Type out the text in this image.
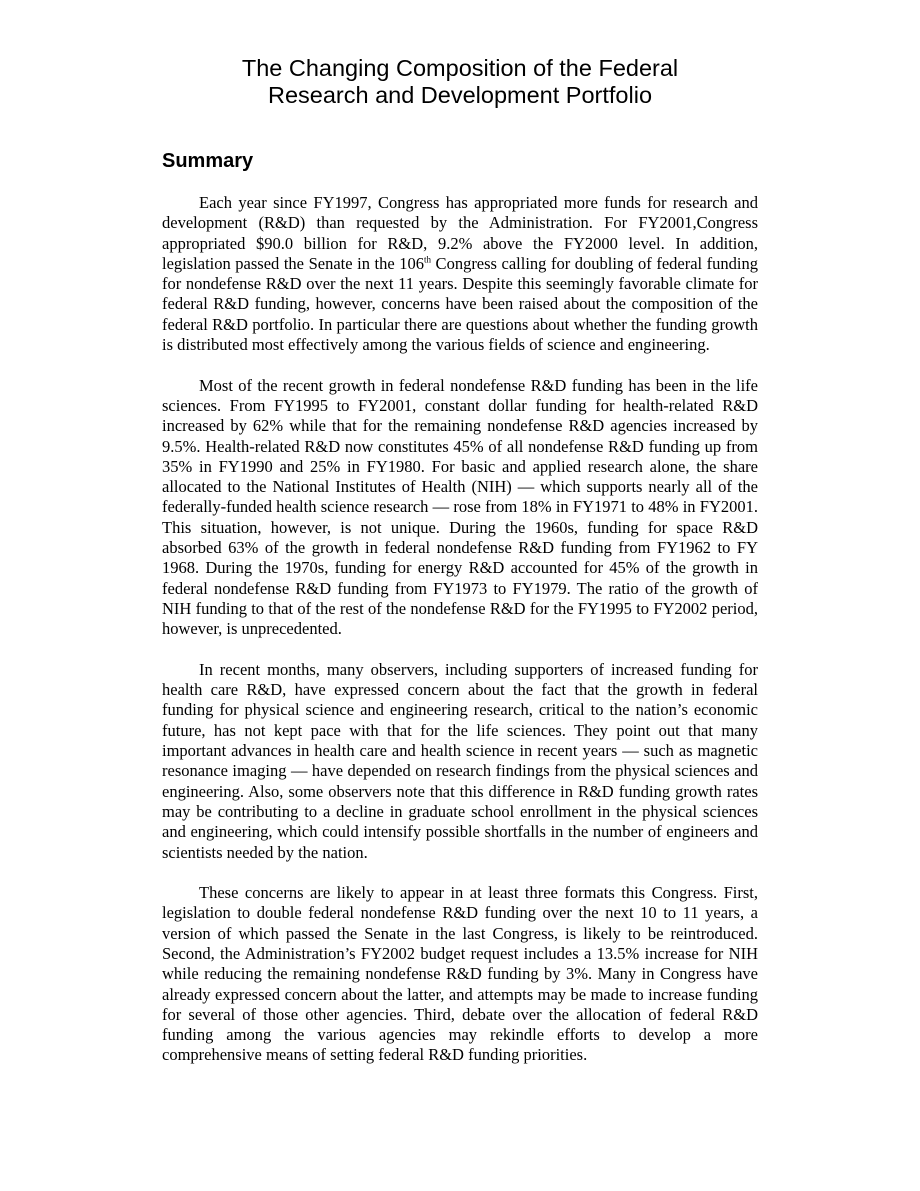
The Changing Composition of the Federal
Research and Development Portfolio
Summary

Each year since FY1997, Congress has appropriated more funds for research and development (R&D) than requested by the Administration. For FY2001,Congress appropriated $90.0 billion for R&D, 9.2% above the FY2000 level. In addition, legislation passed the Senate in the 106th Congress calling for doubling of federal funding for nondefense R&D over the next 11 years. Despite this seemingly favorable climate for federal R&D funding, however, concerns have been raised about the composition of the federal R&D portfolio. In particular there are questions about whether the funding growth is distributed most effectively among the various fields of science and engineering.

Most of the recent growth in federal nondefense R&D funding has been in the life sciences. From FY1995 to FY2001, constant dollar funding for health-related R&D increased by 62% while that for the remaining nondefense R&D agencies increased by 9.5%. Health-related R&D now constitutes 45% of all nondefense R&D funding up from 35% in FY1990 and 25% in FY1980. For basic and applied research alone, the share allocated to the National Institutes of Health (NIH) — which supports nearly all of the federally-funded health science research — rose from 18% in FY1971 to 48% in FY2001. This situation, however, is not unique. During the 1960s, funding for space R&D absorbed 63% of the growth in federal nondefense R&D funding from FY1962 to FY 1968. During the 1970s, funding for energy R&D accounted for 45% of the growth in federal nondefense R&D funding from FY1973 to FY1979. The ratio of the growth of NIH funding to that of the rest of the nondefense R&D for the FY1995 to FY2002 period, however, is unprecedented.

In recent months, many observers, including supporters of increased funding for health care R&D, have expressed concern about the fact that the growth in federal funding for physical science and engineering research, critical to the nation’s economic future, has not kept pace with that for the life sciences. They point out that many important advances in health care and health science in recent years — such as magnetic resonance imaging — have depended on research findings from the physical sciences and engineering. Also, some observers note that this difference in R&D funding growth rates may be contributing to a decline in graduate school enrollment in the physical sciences and engineering, which could intensify possible shortfalls in the number of engineers and scientists needed by the nation.

These concerns are likely to appear in at least three formats this Congress. First, legislation to double federal nondefense R&D funding over the next 10 to 11 years, a version of which passed the Senate in the last Congress, is likely to be reintroduced. Second, the Administration’s FY2002 budget request includes a 13.5% increase for NIH while reducing the remaining nondefense R&D funding by 3%. Many in Congress have already expressed concern about the latter, and attempts may be made to increase funding for several of those other agencies. Third, debate over the allocation of federal R&D funding among the various agencies may rekindle efforts to develop a more comprehensive means of setting federal R&D funding priorities.
